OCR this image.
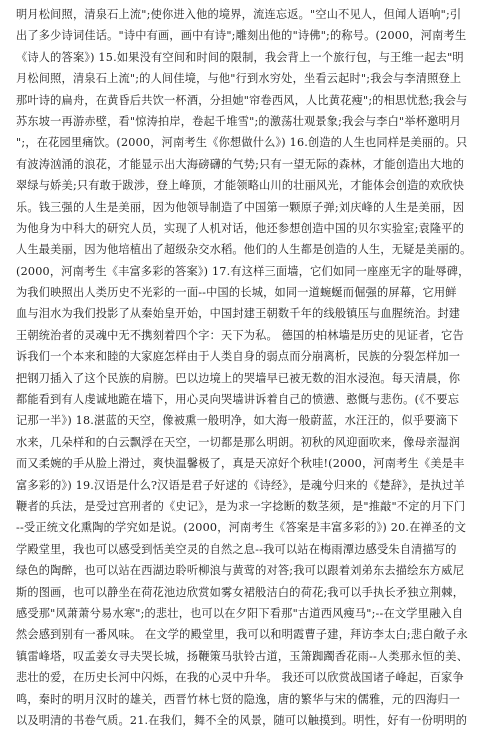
明月松间照，清泉石上流";使你进入他的境界，流连忘返。"空山不见人，但闻人语响";引
出了多少诗词佳话。"诗中有画，画中有诗";雕刻出他的"诗佛";的称号。(2000，河南考生
《诗人的答案》) 15.如果没有空间和时间的限制，我会背上一个旅行包，与王维一起去"明
月松间照，清泉石上流";的人间佳境，与他"行到水穷处，坐看云起时";我会与李清照登上
那叶诗的扁舟，在黄昏后共饮一杯酒，分担她"帘卷西风，人比黄花瘦";的相思忧愁;我会与
苏东坡一再游赤壁，看"惊涛拍岸，卷起千堆雪";的激荡壮观景象;我会与李白"举杯邀明月
";，在花园里痛饮。(2000，河南考生《你想做什么》) 16.创造的人生也同样是美丽的。只
有波涛汹涌的浪花，才能显示出大海磅礴的气势;只有一望无际的森林，才能创造出大地的
翠绿与娇美;只有敢于跋涉，登上峰顶，才能领略山川的壮丽风光，才能体会创造的欢欣快
乐。钱三强的人生是美丽，因为他领导制造了中国第一颗原子弹;刘庆峰的人生是美丽，因
为他身为中科大的研究人员，实现了人机对话，他还参想创造中国的贝尔实验室;袁隆平的
人生最美丽，因为他培植出了超级杂交水稻。他们的人生都是创造的人生，无疑是美丽的。
(2000，河南考生《丰富多彩的答案》) 17.有这样三面墙，它们如同一座座无字的耻辱碑，
为我们映照出人类历史不光彩的一面--中国的长城，如同一道蜿蜒而倔强的屏幕，它用鲜
血与泪水为我们投影了从秦始皇开始，中国封建王朝数千年的线般镇压与血腥统治。封建
王朝统治者的灵魂中无不携刻着四个字：天下为私。 德国的柏林墙是历史的见证者，它告
诉我们一个本来和睦的大家庭怎样由于人类自身的弱点而分崩离析，民族的分裂怎样加一
把钢刀插入了这个民族的肩膀。巴以边境上的哭墙早已被无数的泪水浸泡。每天清晨，你
都能看到有人虔诚地跪在墙下，用心灵向哭墙讲诉着自己的愤懑、憨慨与悲伤。(《不要忘
记那一半》) 18.湛蓝的天空，像被熏一般明净，如大海一般蔚蓝，水汪汪的，似乎要滴下
水来，几朵样和的白云飘浮在天空，一切都是那么明朗。初秋的风迎面吹来，像母亲湿润
而又柔婉的手从脸上滑过，爽快温馨极了，真是天凉好个秋哇!(2000，河南考生《美是丰
富多彩的》) 19.汉语是什么?汉语是君子好逑的《诗经》，是魂兮归来的《楚辞》，是执过羊
鞭者的兵法，是受过宫刑者的《史记》，是为求一字捻断的数茎须，是"推敲"不定的月下门
--受正统文化熏陶的学究如是说。(2000，河南考生《答案是丰富多彩的》) 20.在禅圣的文
学殿堂里，我也可以感受到恬美空灵的自然之息--我可以站在梅雨潭边感受朱自清描写的
绿色的陶醉，也可以站在西湖边聆听柳浪与黄莺的对答;我可以跟着刘弟东去描绘东方威尼
斯的图画，也可以静坐在荷花池边欣赏如雾女裙般洁白的荷花;我可以手执长矛独立荆棘，
感受那"风萧萧兮易水寒";的悲壮，也可以在夕阳下看那"古道西风瘦马";--在文学里融入自
然会感到别有一番风味。 在文学的殿堂里，我可以和明霞曹子建，拜访李太白;悲白敞子永
镇雷峰塔，叹孟姜女寻夫哭长城，扬鞭策马驮铃古道，玉箫踟躅香花雨--人类那永恒的美、
悲壮的爱，在历史长河中闪烁，在我的心灵中升华。 我还可以欣赏战国诸子峰起，百家争
鸣，秦时的明月汉时的雄关，西晋竹林七贤的隐逸，唐的繁华与宋的儒雅，元的四海归一
以及明清的书卷气质。21.在我们，舞不全的风景，随可以触摸到。明性，好有一份明明的
